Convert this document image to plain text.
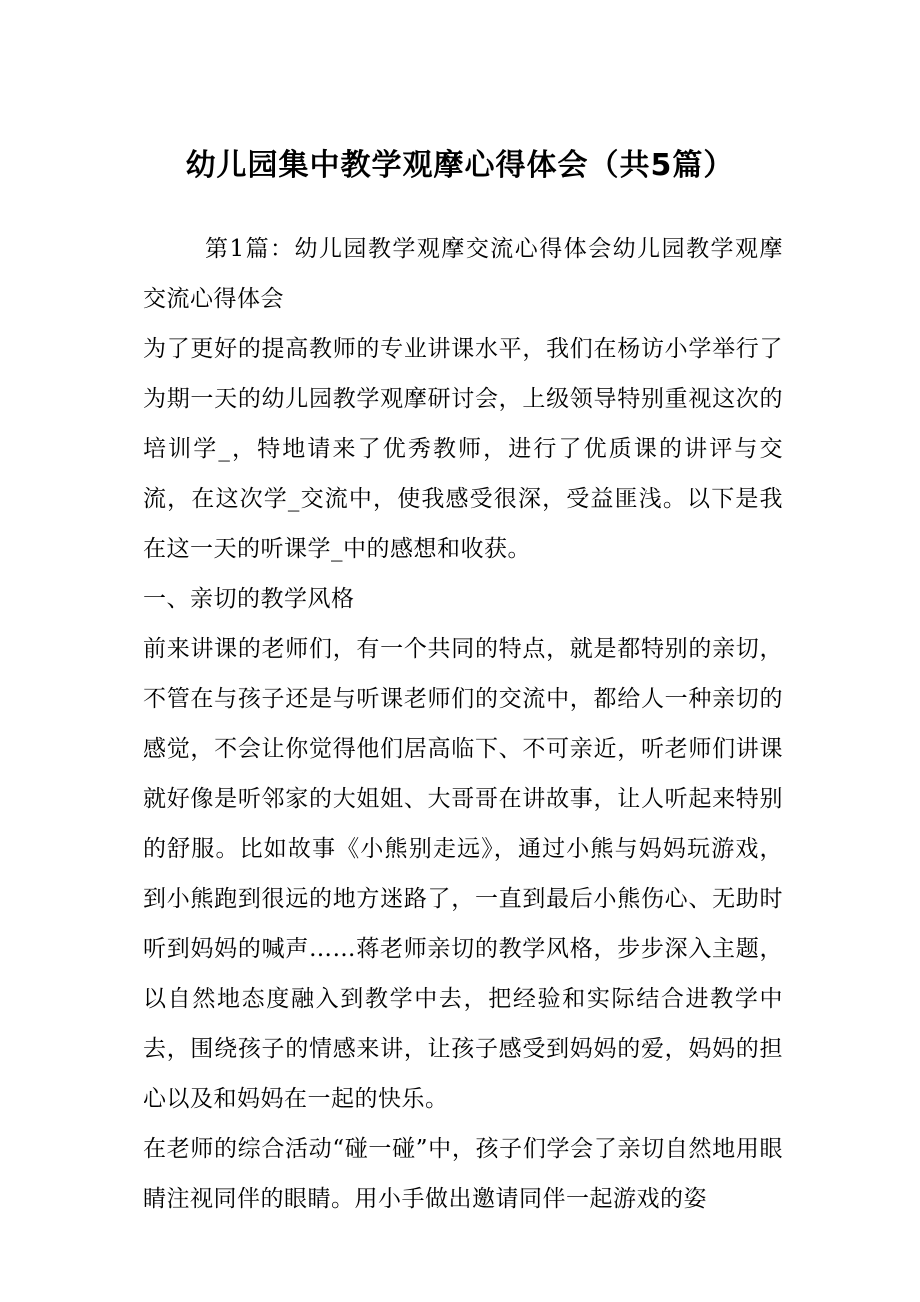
幼儿园集中教学观摩心得体会（共5篇）

第1篇：幼儿园教学观摩交流心得体会幼儿园教学观摩交流心得体会

为了更好的提高教师的专业讲课水平，我们在杨访小学举行了为期一天的幼儿园教学观摩研讨会，上级领导特别重视这次的培训学_，特地请来了优秀教师，进行了优质课的讲评与交流，在这次学_交流中，使我感受很深，受益匪浅。以下是我在这一天的听课学_中的感想和收获。

一、亲切的教学风格

前来讲课的老师们，有一个共同的特点，就是都特别的亲切，不管在与孩子还是与听课老师们的交流中，都给人一种亲切的感觉，不会让你觉得他们居高临下、不可亲近，听老师们讲课就好像是听邻家的大姐姐、大哥哥在讲故事，让人听起来特别的舒服。比如故事《小熊别走远》，通过小熊与妈妈玩游戏，到小熊跑到很远的地方迷路了，一直到最后小熊伤心、无助时听到妈妈的喊声……蒋老师亲切的教学风格，步步深入主题，以自然地态度融入到教学中去，把经验和实际结合进教学中去，围绕孩子的情感来讲，让孩子感受到妈妈的爱，妈妈的担心以及和妈妈在一起的快乐。

在老师的综合活动“碰一碰”中，孩子们学会了亲切自然地用眼睛注视同伴的眼睛。用小手做出邀请同伴一起游戏的姿
